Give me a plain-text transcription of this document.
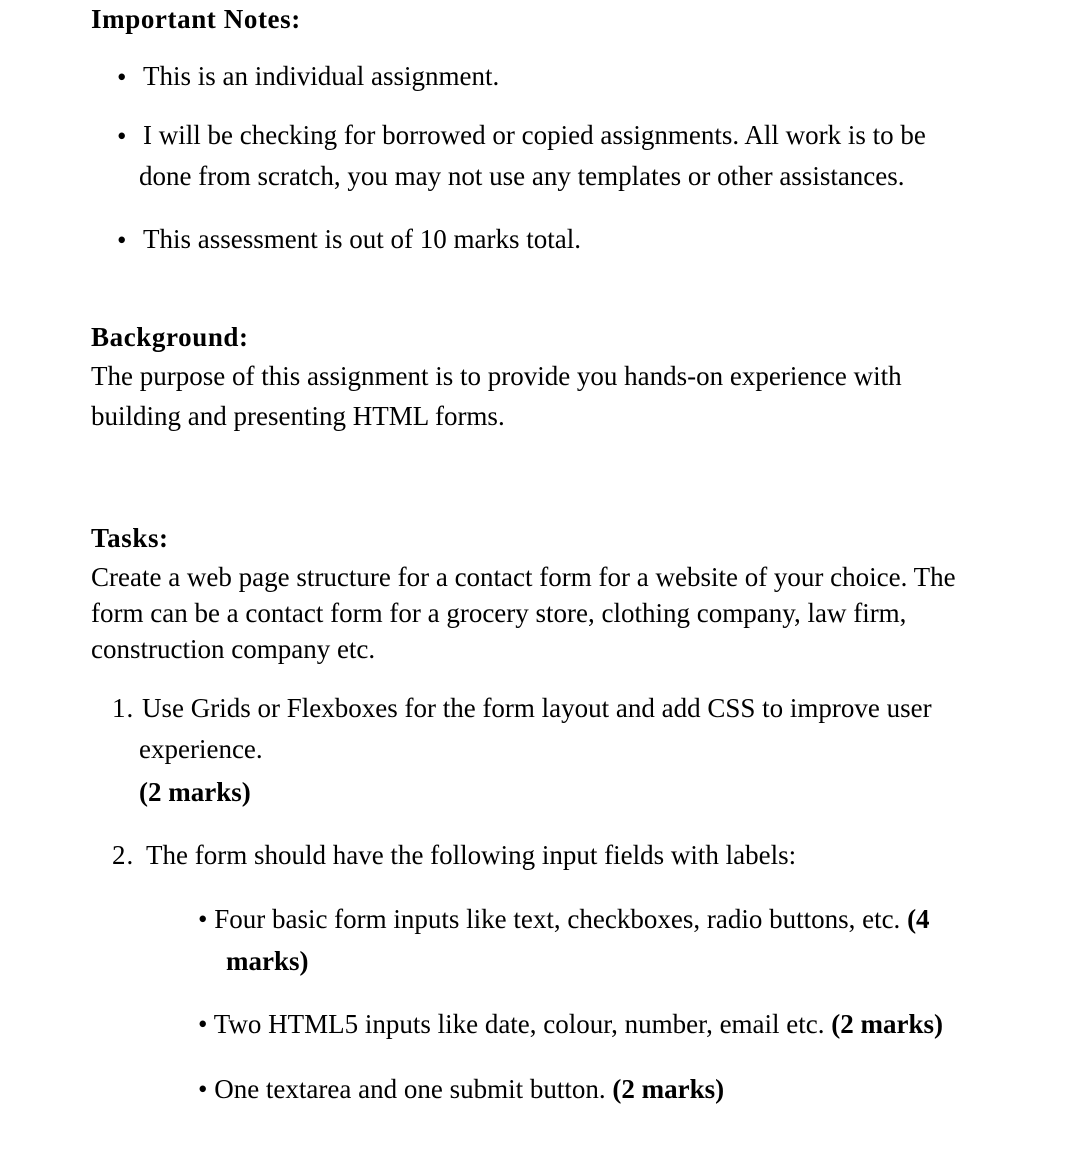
Important Notes:
• This is an individual assignment.
• I will be checking for borrowed or copied assignments. All work is to be
done from scratch, you may not use any templates or other assistances.
• This assessment is out of 10 marks total.
Background:
The purpose of this assignment is to provide you hands-on experience with
building and presenting HTML forms.
Tasks:
Create a web page structure for a contact form for a website of your choice. The
form can be a contact form for a grocery store, clothing company, law firm,
construction company etc.
1. Use Grids or Flexboxes for the form layout and add CSS to improve user
experience.
(2 marks)
2. The form should have the following input fields with labels:
• Four basic form inputs like text, checkboxes, radio buttons, etc. (4
marks)
• Two HTML5 inputs like date, colour, number, email etc. (2 marks)
• One textarea and one submit button. (2 marks)
